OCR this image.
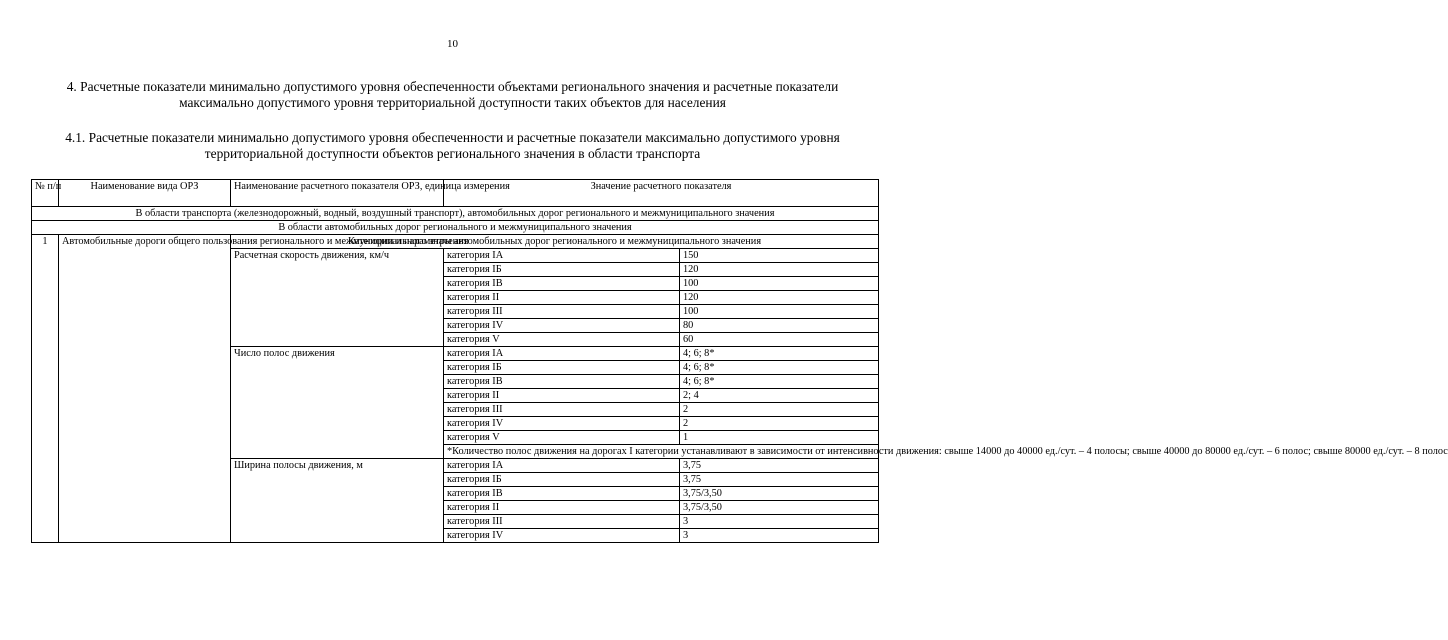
10
4. Расчетные показатели минимально допустимого уровня обеспеченности объектами регионального значения и расчетные показатели максимально допустимого уровня территориальной доступности таких объектов для населения
4.1. Расчетные показатели минимально допустимого уровня обеспеченности и расчетные показатели максимально допустимого уровня территориальной доступности объектов регионального значения в области транспорта
№ п/п	Наименование вида ОРЗ	Наименование расчетного показателя ОРЗ, единица измерения	Значение расчетного показателя	
В области транспорта (железнодорожный, водный, воздушный транспорт), автомобильных дорог регионального и межмуниципального значения				
В области автомобильных дорог регионального и межмуниципального значения				
1	Автомобильные дороги общего пользования регионального и межмуниципального значения	Категории и параметры автомобильных дорог регионального и межмуниципального значения		
		Расчетная скорость движения, км/ч	категория IА	150
			категория IБ	120
			категория IВ	100
			категория II	120
			категория III	100
			категория IV	80
			категория V	60
		Число полос движения	категория IА	4; 6; 8*
			категория IБ	4; 6; 8*
			категория IВ	4; 6; 8*
			категория II	2; 4
			категория III	2
			категория IV	2
			категория V	1
			*Количество полос движения на дорогах I категории устанавливают в зависимости от интенсивности движения: свыше 14000 до 40000 ед./сут. – 4 полосы; свыше 40000 до 80000 ед./сут. – 6 полос; свыше 80000 ед./сут. – 8 полос	
		Ширина полосы движения, м	категория IА	3,75
			категория IБ	3,75
			категория IВ	3,75/3,50
			категория II	3,75/3,50
			категория III	3
			категория IV	3
